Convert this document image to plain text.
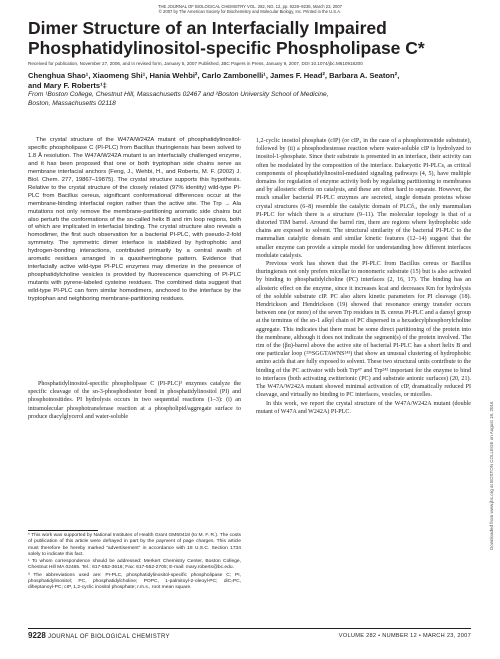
THE JOURNAL OF BIOLOGICAL CHEMISTRY VOL. 282, NO. 12, pp. 9228–9235, March 23, 2007
© 2007 by The American Society for Biochemistry and Molecular Biology, Inc. Printed in the U.S.A.
Dimer Structure of an Interfacially Impaired
Phosphatidylinositol-specific Phospholipase C*
Received for publication, November 27, 2006, and in revised form, January 5, 2007 Published, JBC Papers in Press, January 9, 2007, DOI 10.1074/jbc.M610918200
Chenghua Shao¹, Xiaomeng Shi¹, Hania Wehbi², Carlo Zambonelli¹, James F. Head², Barbara A. Seaton²,
and Mary F. Roberts¹‡
From ¹Boston College, Chestnut Hill, Massachusetts 02467 and ²Boston University School of Medicine,
Boston, Massachusetts 02118
Downloaded from www.jbc.org at BOSTON COLLEGE on August 18, 2016

The crystal structure of the W47A/W242A mutant of phosphatidylinositol-specific phospholipase C (PI-PLC) from Bacillus thuringiensis has been solved to 1.8 Å resolution. The W47A/W242A mutant is an interfacially challenged enzyme, and it has been proposed that one or both tryptophan side chains serve as membrane interfacial anchors (Feng, J., Wehbi, H., and Roberts, M. F. (2002) J. Biol. Chem. 277, 19867–19875). The crystal structure supports this hypothesis. Relative to the crystal structure of the closely related (97% identity) wild-type PI-PLC from Bacillus cereus, significant conformational differences occur at the membrane-binding interfacial region rather than the active site. The Trp → Ala mutations not only remove the membrane-partitioning aromatic side chains but also perturb the conformations of the so-called helix B and rim loop regions, both of which are implicated in interfacial binding. The crystal structure also reveals a homodimer, the first such observation for a bacterial PI-PLC, with pseudo-2-fold symmetry. The symmetric dimer interface is stabilized by hydrophobic and hydrogen-bonding interactions, contributed primarily by a central swath of aromatic residues arranged in a quasiherringbone pattern. Evidence that interfacially active wild-type PI-PLC enzymes may dimerize in the presence of phosphatidylcholine vesicles is provided by fluorescence quenching of PI-PLC mutants with pyrene-labeled cysteine residues. The combined data suggest that wild-type PI-PLC can form similar homodimers, anchored to the interface by the tryptophan and neighboring membrane-partitioning residues.

Phosphatidylinositol-specific phospholipase C (PI-PLC)³ enzymes catalyze the specific cleavage of the sn-3-phosphodiester bond in phosphatidylinositol (PI) and phosphoinositides. PI hydrolysis occurs in two sequential reactions (1–3): (i) an intramolecular phosphotransferase reaction at a phospholipid/aggregate surface to produce diacylglycerol and water-soluble

1,2-cyclic inositol phosphate (cIP) (or cIP₂ in the case of a phosphoinositide substrate), followed by (ii) a phosphodiesterase reaction where water-soluble cIP is hydrolyzed to inositol-1-phosphate. Since their substrate is presented in an interface, their activity can often be modulated by the composition of the interface. Eukaryotic PI-PLCs, as critical components of phosphatidylinositol-mediated signaling pathways (4, 5), have multiple domains for regulation of enzyme activity both by regulating partitioning to membranes and by allosteric effects on catalysis, and these are often hard to separate. However, the much smaller bacterial PI-PLC enzymes are secreted, single domain proteins whose crystal structures (6–8) resemble the catalytic domain of PLCδ₁, the only mammalian PI-PLC for which there is a structure (9–11). The molecular topology is that of a distorted TIM barrel. Around the barrel rim, there are regions where hydrophobic side chains are exposed to solvent. The structural similarity of the bacterial PI-PLC to the mammalian catalytic domain and similar kinetic features (12–14) suggest that the smaller enzyme can provide a simple model for understanding how different interfaces modulate catalysis.

Previous work has shown that the PI-PLC from Bacillus cereus or Bacillus thuringiensis not only prefers micellar to monomeric substrate (15) but is also activated by binding to phosphatidylcholine (PC) interfaces (2, 16, 17). The binding has an allosteric effect on the enzyme, since it increases kcat and decreases Km for hydrolysis of the soluble substrate cIP. PC also alters kinetic parameters for PI cleavage (18). Hendrickson and Hendrickson (19) showed that resonance energy transfer occurs between one (or more) of the seven Trp residues in B. cereus PI-PLC and a dansyl group at the terminus of the sn-1 alkyl chain of PC dispersed in a hexadecylphosphorylcholine aggregate. This indicates that there must be some direct partitioning of the protein into the membrane, although it does not indicate the segment(s) of the protein involved. The rim of the (βα)-barrel above the active site of bacterial PI-PLC has a short helix B and one particular loop (²³⁶SGGTAWNS²⁴³) that show an unusual clustering of hydrophobic amino acids that are fully exposed to solvent. These two structural units contribute to the binding of the PC activator with both Trp⁴⁷ and Trp²⁴² important for the enzyme to bind to interfaces (both activating zwitterionic (PC) and substrate anionic surfaces) (20, 21). The W47A/W242A mutant showed minimal activation of cIP, dramatically reduced PI cleavage, and virtually no binding to PC interfaces, vesicles, or micelles.

In this work, we report the crystal structure of the W47A/W242A mutant (double mutant of W47A and W242A) PI-PLC.

* This work was supported by National Institutes of Health Grant GM60418 (to M. F. R.). The costs of publication of this article were defrayed in part by the payment of page charges. This article must therefore be hereby marked "advertisement" in accordance with 18 U.S.C. Section 1734 solely to indicate this fact.

¹ To whom correspondence should be addressed: Merkert Chemistry Center, Boston College, Chestnut Hill MA 02465. Tel.: 617-552-3616; Fax: 617-552-2705; E-mail: mary.roberts@bc.edu.

³ The abbreviations used are: PI-PLC, phosphatidylinositol-specific phospholipase C; PI, phosphatidylinositol; PC, phosphatidylcholine; POPC, 1-palmitoyl-2-oleoyl-PC; diC₇PC, diheptanoyl-PC; cIP, 1,2-cyclic inositol phosphate; r.m.s., root mean square.

9228 JOURNAL OF BIOLOGICAL CHEMISTRY	VOLUME 282 • NUMBER 12 • MARCH 23, 2007
